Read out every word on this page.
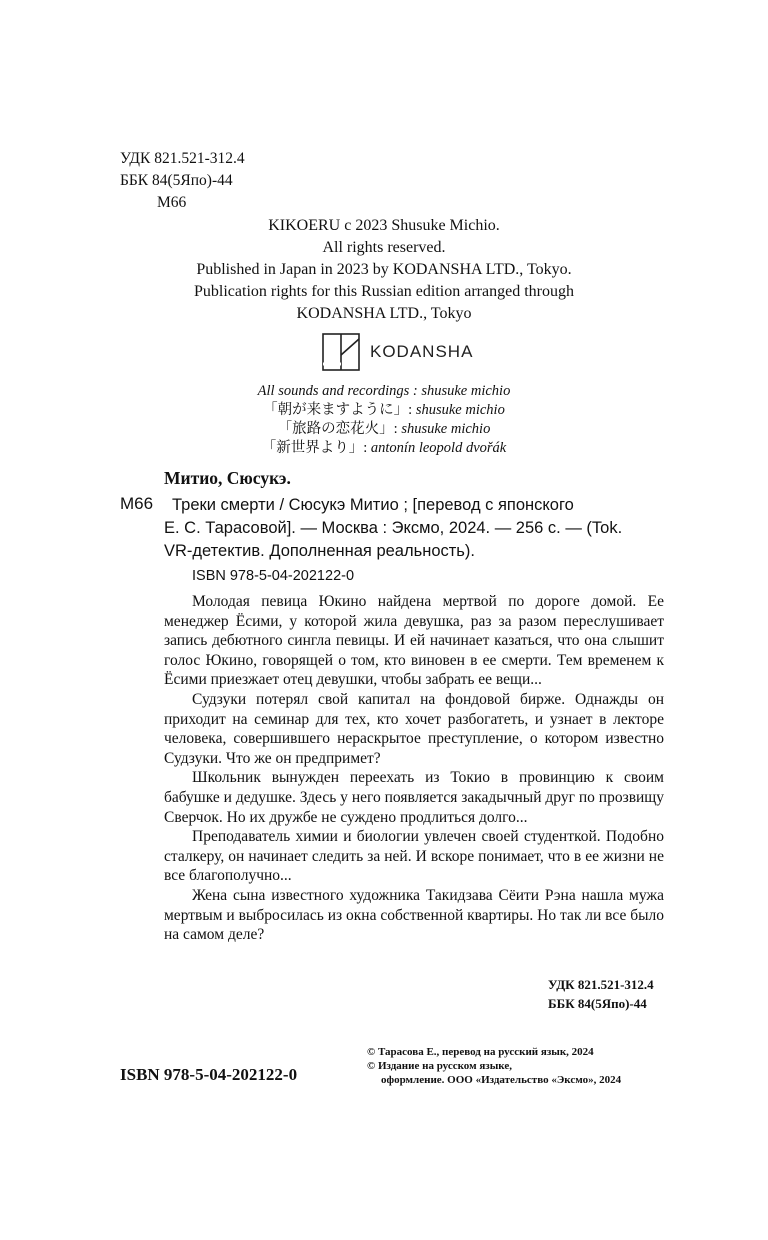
УДК 821.521-312.4
ББК 84(5Япо)-44
М66
KIKOERU c 2023 Shusuke Michio.
All rights reserved.
Published in Japan in 2023 by KODANSHA LTD., Tokyo.
Publication rights for this Russian edition arranged through
KODANSHA LTD., Tokyo
KODANSHA
All sounds and recordings : shusuke michio
「朝が来ますように」: shusuke michio
「旅路の恋花火」: shusuke michio
「新世界より」: antonín leopold dvořák
Митио, Сюсукэ.
М66	Треки смерти / Сюсукэ Митио ; [перевод с японского
Е. С. Тарасовой]. — Москва : Эксмо, 2024. — 256 с. — (Tok.
VR-детектив. Дополненная реальность).
ISBN 978-5-04-202122-0

Молодая певица Юкино найдена мертвой по дороге домой. Ее менеджер Ёсими, у которой жила девушка, раз за разом переслушивает запись дебютного сингла певицы. И ей начинает казаться, что она слышит голос Юкино, говорящей о том, кто виновен в ее смерти. Тем временем к Ёсими приезжает отец девушки, чтобы забрать ее вещи...

Судзуки потерял свой капитал на фондовой бирже. Однажды он приходит на семинар для тех, кто хочет разбогатеть, и узнает в лекторе человека, совершившего нераскрытое преступление, о котором известно Судзуки. Что же он предпримет?

Школьник вынужден переехать из Токио в провинцию к своим бабушке и дедушке. Здесь у него появляется закадычный друг по прозвищу Сверчок. Но их дружбе не суждено продлиться долго...

Преподаватель химии и биологии увлечен своей студенткой. Подобно сталкеру, он начинает следить за ней. И вскоре понимает, что в ее жизни не все благополучно...

Жена сына известного художника Такидзава Сёити Рэна нашла мужа мертвым и выбросилась из окна собственной квартиры. Но так ли все было на самом деле?

УДК 821.521-312.4
ББК 84(5Япо)-44
ISBN 978-5-04-202122-0
© Тарасова Е., перевод на русский язык, 2024
© Издание на русском языке,
оформление. ООО «Издательство «Эксмо», 2024
